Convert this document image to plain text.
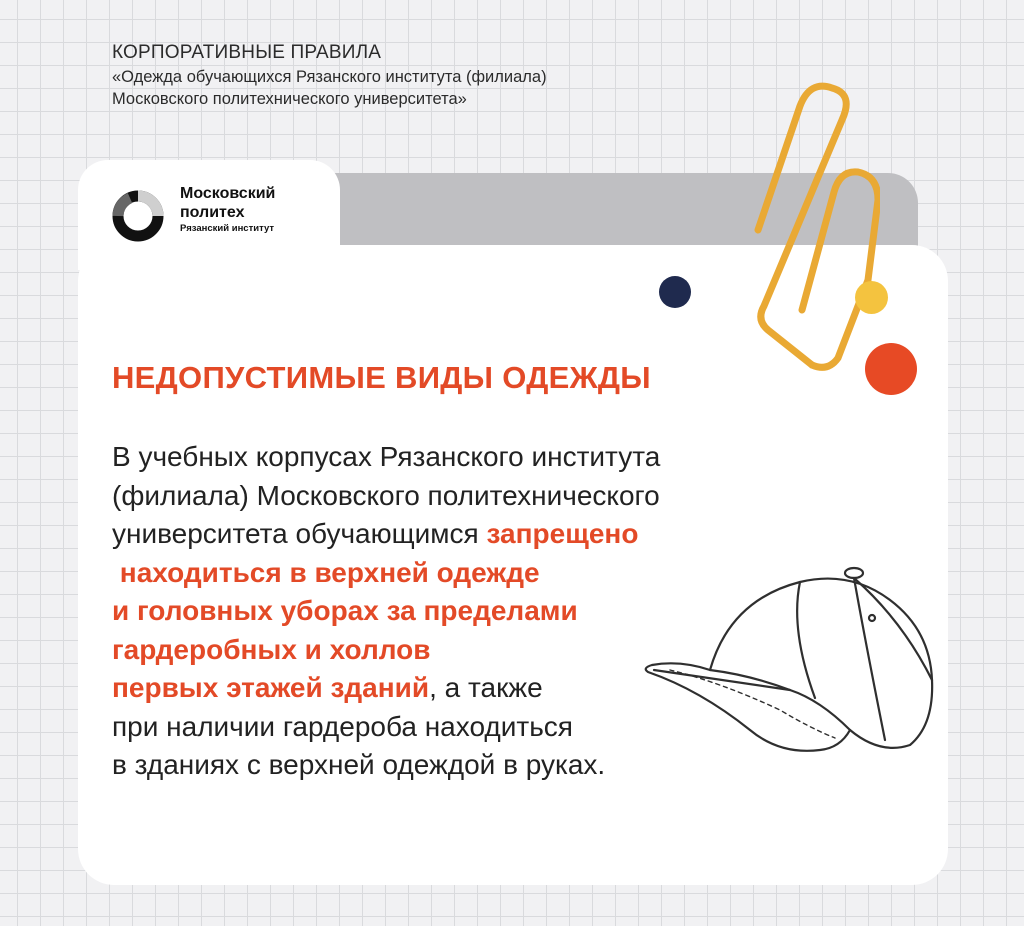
КОРПОРАТИВНЫЕ ПРАВИЛА
«Одежда обучающихся Рязанского института (филиала)
Московского политехнического университета»
Московский
политех
Рязанский институт
НЕДОПУСТИМЫЕ ВИДЫ ОДЕЖДЫ
В учебных корпусах Рязанского института
(филиала) Московского политехнического
университета обучающимся запрещено
находиться в верхней одежде
и головных уборах за пределами
гардеробных и холлов
первых этажей зданий, а также
при наличии гардероба находиться
в зданиях с верхней одеждой в руках.
